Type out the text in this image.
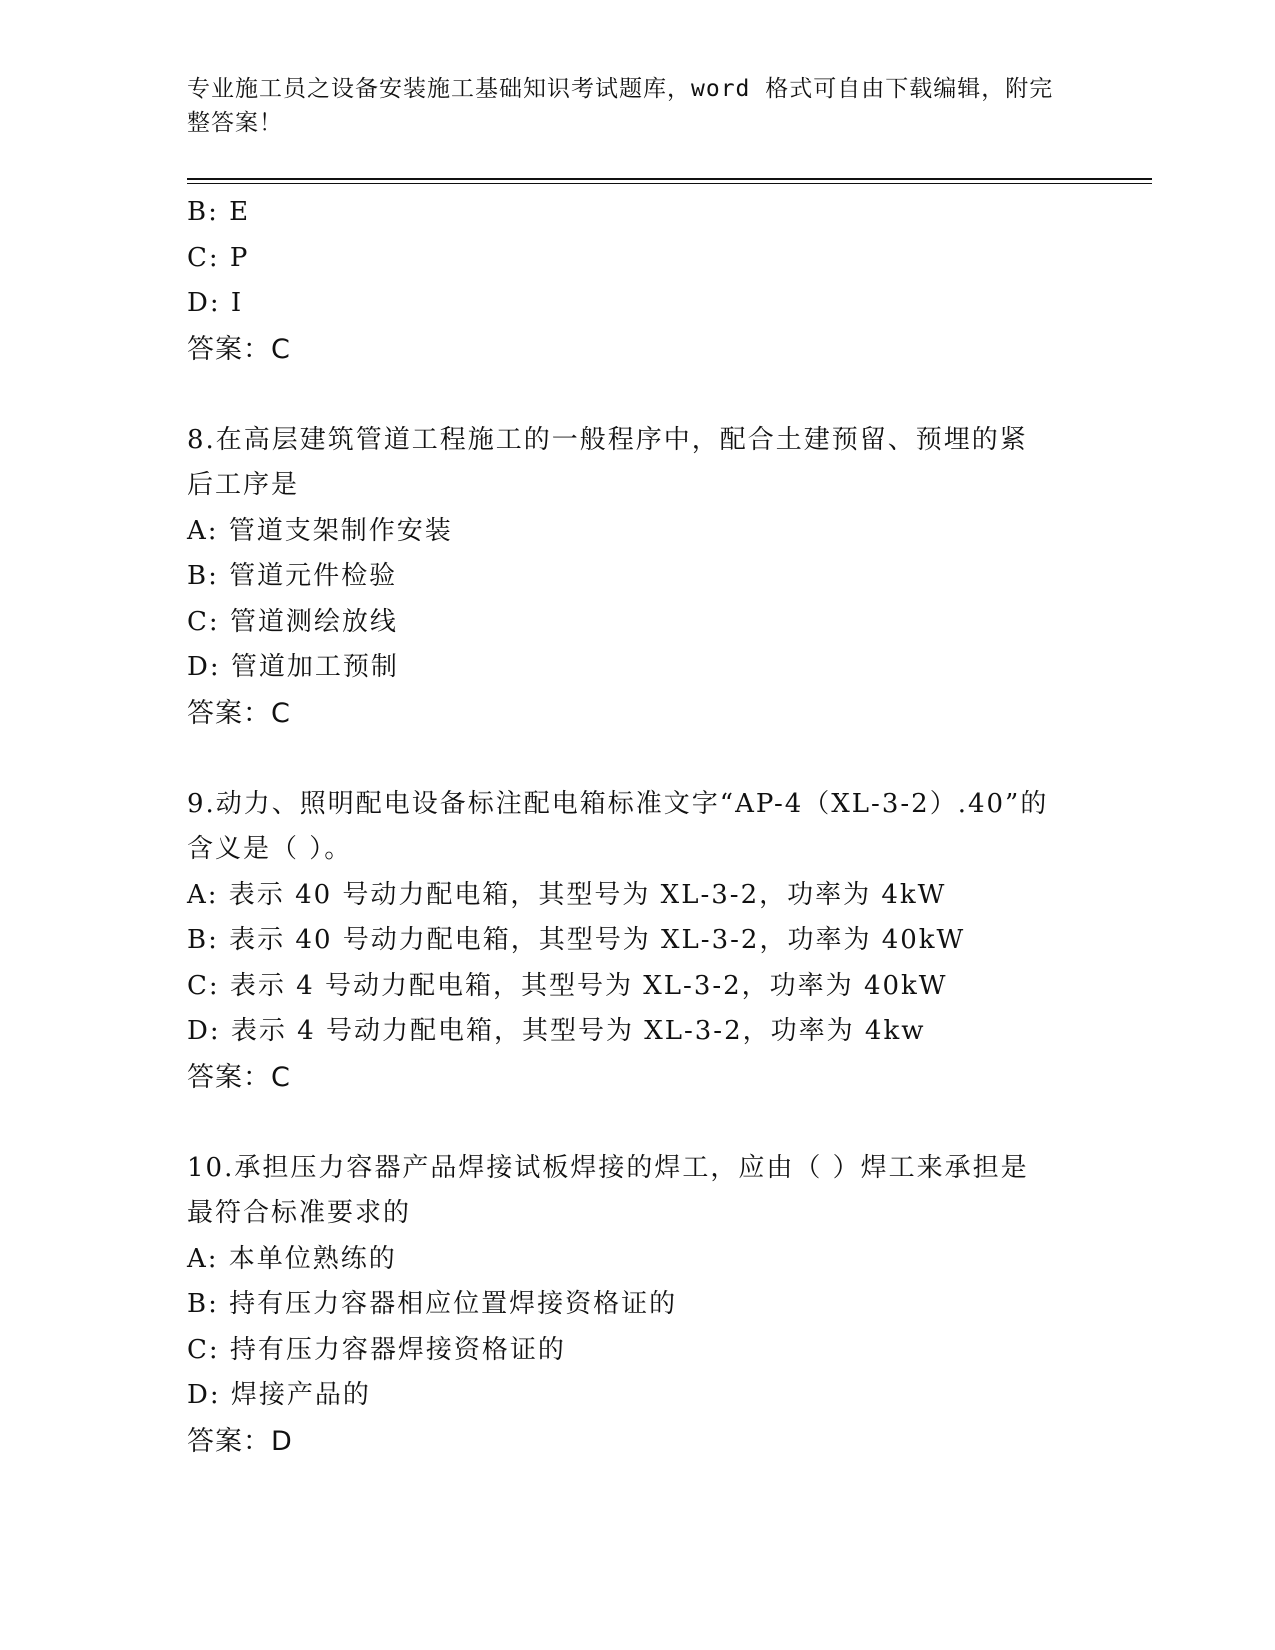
专业施工员之设备安装施工基础知识考试题库，word 格式可自由下载编辑，附完
整答案！
B: E
C: P
D: I
答案：C
8.在高层建筑管道工程施工的一般程序中，配合土建预留、预埋的紧
后工序是
A: 管道支架制作安装
B: 管道元件检验
C: 管道测绘放线
D: 管道加工预制
答案：C
9.动力、照明配电设备标注配电箱标准文字“AP-4（XL-3-2）.40”的
含义是（ ）。
A: 表示 40 号动力配电箱，其型号为 XL-3-2，功率为 4kW
B: 表示 40 号动力配电箱，其型号为 XL-3-2，功率为 40kW
C: 表示 4 号动力配电箱，其型号为 XL-3-2，功率为 40kW
D: 表示 4 号动力配电箱，其型号为 XL-3-2，功率为 4kw
答案：C
10.承担压力容器产品焊接试板焊接的焊工，应由（ ）焊工来承担是
最符合标准要求的
A: 本单位熟练的
B: 持有压力容器相应位置焊接资格证的
C: 持有压力容器焊接资格证的
D: 焊接产品的
答案：D
